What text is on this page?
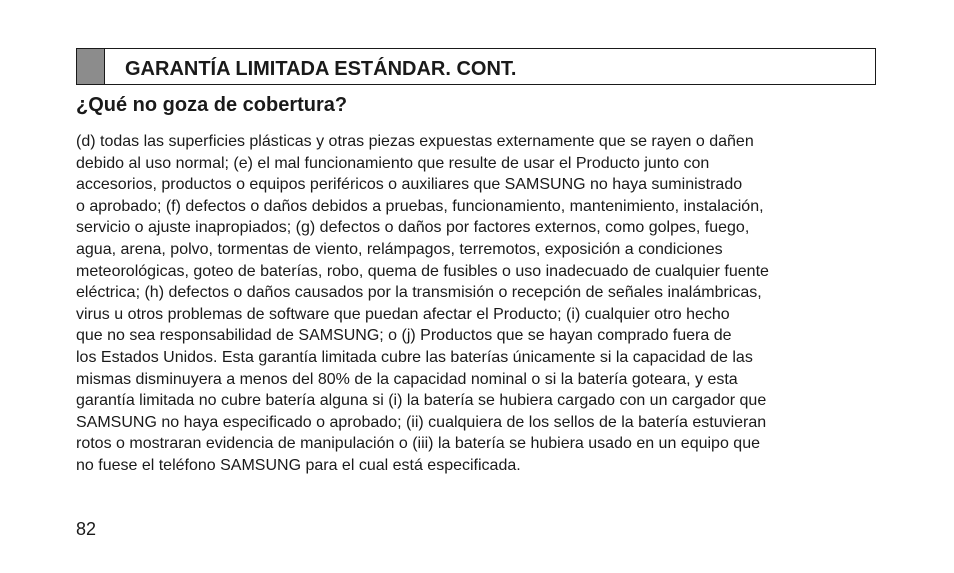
GARANTÍA LIMITADA ESTÁNDAR. CONT.
¿Qué no goza de cobertura?
(d) todas las superficies plásticas y otras piezas expuestas externamente que se rayen o dañen
debido al uso normal; (e) el mal funcionamiento que resulte de usar el Producto junto con
accesorios, productos o equipos periféricos o auxiliares que SAMSUNG no haya suministrado
o aprobado; (f) defectos o daños debidos a pruebas, funcionamiento, mantenimiento, instalación,
servicio o ajuste inapropiados; (g) defectos o daños por factores externos, como golpes, fuego,
agua, arena, polvo, tormentas de viento, relámpagos, terremotos, exposición a condiciones
meteorológicas, goteo de baterías, robo, quema de fusibles o uso inadecuado de cualquier fuente
eléctrica; (h) defectos o daños causados por la transmisión o recepción de señales inalámbricas,
virus u otros problemas de software que puedan afectar el Producto; (i) cualquier otro hecho
que no sea responsabilidad de SAMSUNG; o (j) Productos que se hayan comprado fuera de
los Estados Unidos. Esta garantía limitada cubre las baterías únicamente si la capacidad de las
mismas disminuyera a menos del 80% de la capacidad nominal o si la batería goteara, y esta
garantía limitada no cubre batería alguna si (i) la batería se hubiera cargado con un cargador que
SAMSUNG no haya especificado o aprobado; (ii) cualquiera de los sellos de la batería estuvieran
rotos o mostraran evidencia de manipulación o (iii) la batería se hubiera usado en un equipo que
no fuese el teléfono SAMSUNG para el cual está especificada.
82
